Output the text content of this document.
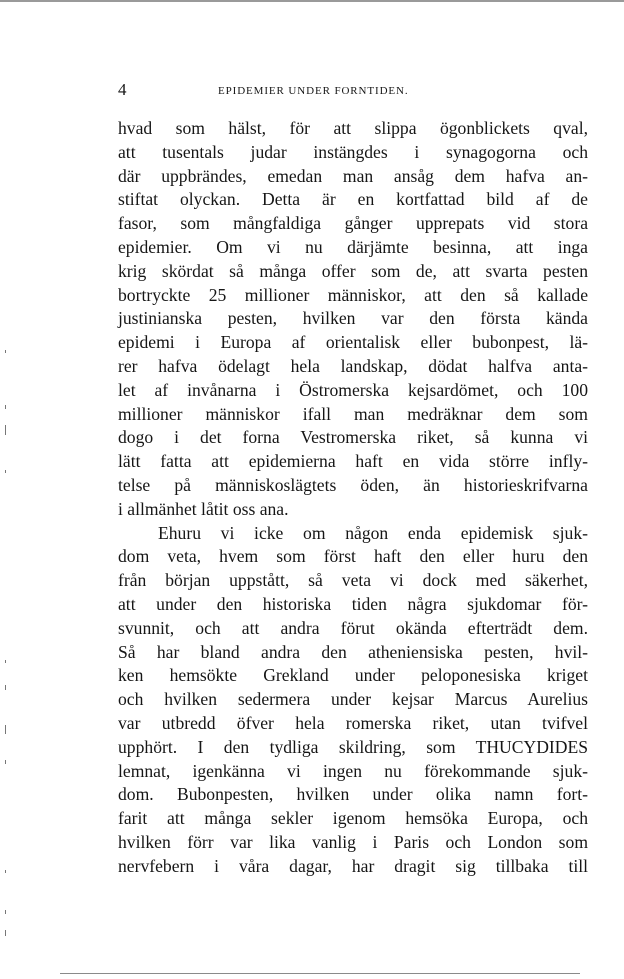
4	EPIDEMIER UNDER FORNTIDEN.
hvad som hälst, för att slippa ögonblickets qval,
att tusentals judar instängdes i synagogorna och
där uppbrändes, emedan man ansåg dem hafva an-
stiftat olyckan. Detta är en kortfattad bild af de
fasor, som mångfaldiga gånger upprepats vid stora
epidemier. Om vi nu därjämte besinna, att inga
krig skördat så många offer som de, att svarta pesten
bortryckte 25 millioner människor, att den så kallade
justinianska pesten, hvilken var den första kända
epidemi i Europa af orientalisk eller bubonpest, lä-
rer hafva ödelagt hela landskap, dödat halfva anta-
let af invånarna i Östromerska kejsardömet, och 100
millioner människor ifall man medräknar dem som
dogo i det forna Vestromerska riket, så kunna vi
lätt fatta att epidemierna haft en vida större infly-
telse på människoslägtets öden, än historieskrifvarna
i allmänhet låtit oss ana.
Ehuru vi icke om någon enda epidemisk sjuk-
dom veta, hvem som först haft den eller huru den
från början uppstått, så veta vi dock med säkerhet,
att under den historiska tiden några sjukdomar för-
svunnit, och att andra förut okända efterträdt dem.
Så har bland andra den atheniensiska pesten, hvil-
ken hemsökte Grekland under peloponesiska kriget
och hvilken sedermera under kejsar Marcus Aurelius
var utbredd öfver hela romerska riket, utan tvifvel
upphört. I den tydliga skildring, som THUCYDIDES
lemnat, igenkänna vi ingen nu förekommande sjuk-
dom. Bubonpesten, hvilken under olika namn fort-
farit att många sekler igenom hemsöka Europa, och
hvilken förr var lika vanlig i Paris och London som
nervfebern i våra dagar, har dragit sig tillbaka till
